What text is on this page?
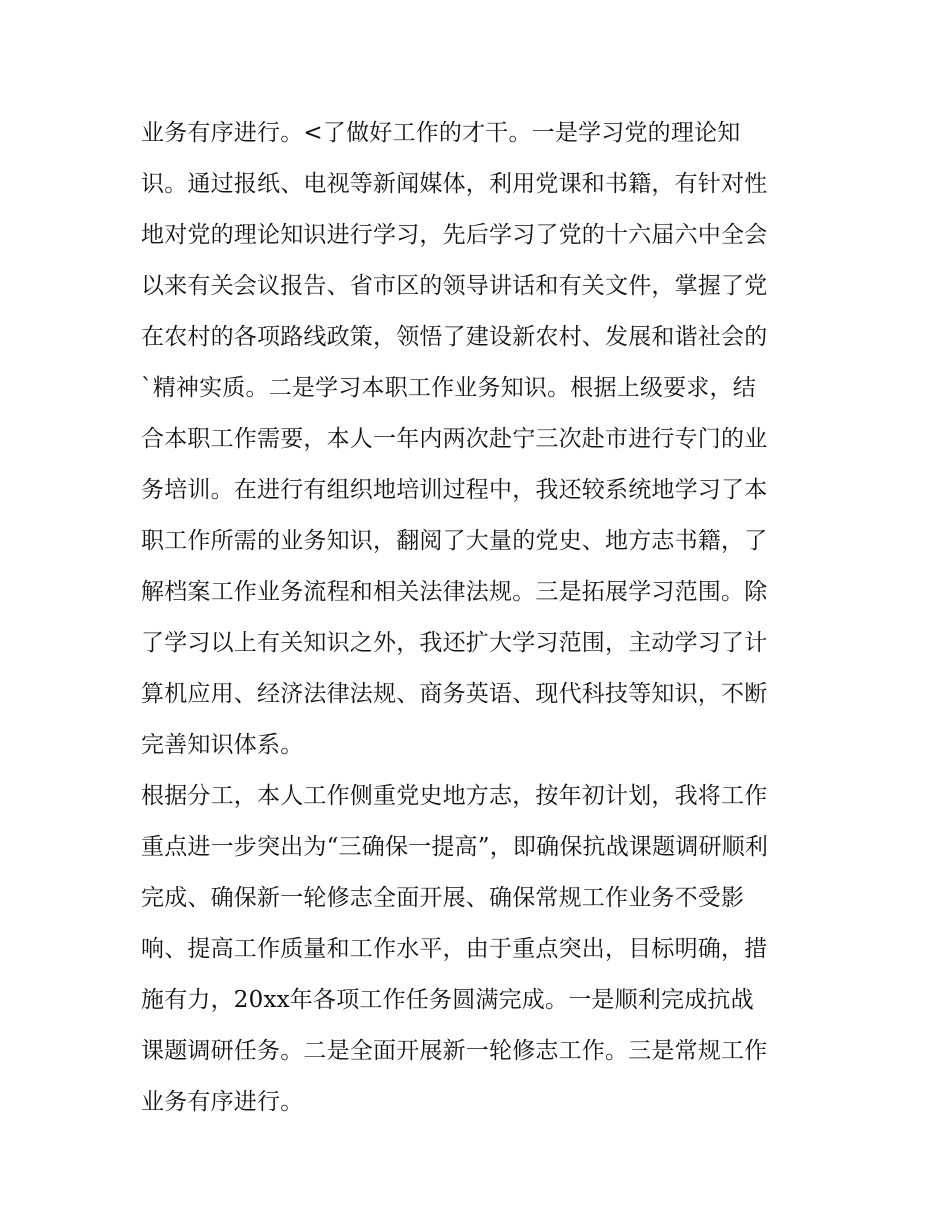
业务有序进行。<了做好工作的才干。一是学习党的理论知
识。通过报纸、电视等新闻媒体，利用党课和书籍，有针对性
地对党的理论知识进行学习，先后学习了党的十六届六中全会
以来有关会议报告、省市区的领导讲话和有关文件，掌握了党
在农村的各项路线政策，领悟了建设新农村、发展和谐社会的
`精神实质。二是学习本职工作业务知识。根据上级要求，结
合本职工作需要，本人一年内两次赴宁三次赴市进行专门的业
务培训。在进行有组织地培训过程中，我还较系统地学习了本
职工作所需的业务知识，翻阅了大量的党史、地方志书籍，了
解档案工作业务流程和相关法律法规。三是拓展学习范围。除
了学习以上有关知识之外，我还扩大学习范围，主动学习了计
算机应用、经济法律法规、商务英语、现代科技等知识，不断
完善知识体系。
根据分工，本人工作侧重党史地方志，按年初计划，我将工作
重点进一步突出为“三确保一提高”，即确保抗战课题调研顺利
完成、确保新一轮修志全面开展、确保常规工作业务不受影
响、提高工作质量和工作水平，由于重点突出，目标明确，措
施有力，20xx年各项工作任务圆满完成。一是顺利完成抗战
课题调研任务。二是全面开展新一轮修志工作。三是常规工作
业务有序进行。
